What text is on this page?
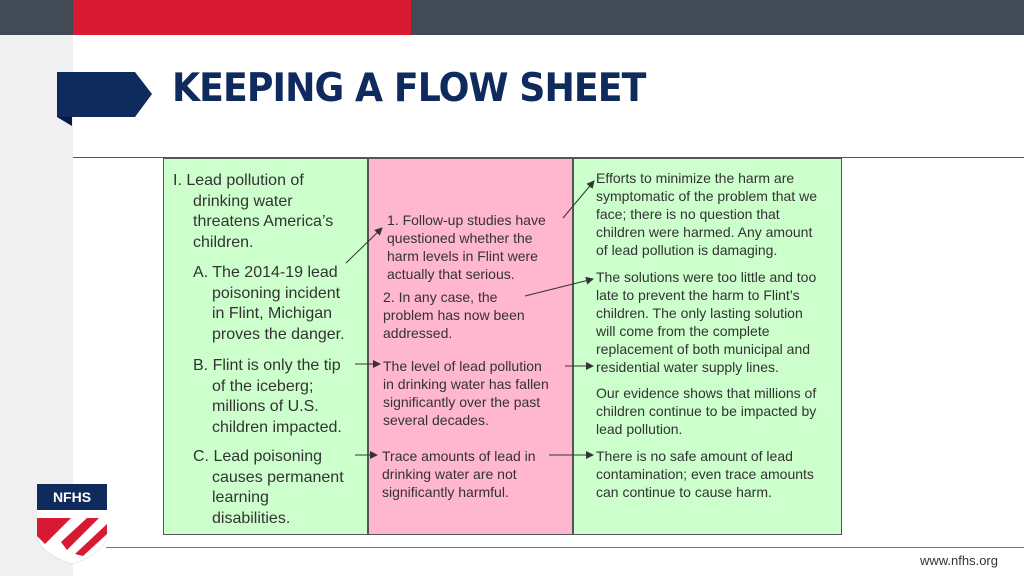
KEEPING A FLOW SHEET
I. Lead pollution of
drinking water
threatens America’s
children.
A. The 2014-19 lead
poisoning incident
in Flint, Michigan
proves the danger.
B. Flint is only the tip
of the iceberg;
millions of U.S.
children impacted.
C. Lead poisoning
causes permanent
learning
disabilities.
1. Follow-up studies have
questioned whether the
harm levels in Flint were
actually that serious.
2. In any case, the
problem has now been
addressed.
The level of lead pollution
in drinking water has fallen
significantly over the past
several decades.
Trace amounts of lead in
drinking water are not
significantly harmful.
Efforts to minimize the harm are
symptomatic of the problem that we
face; there is no question that
children were harmed. Any amount
of lead pollution is damaging.
The solutions were too little and too
late to prevent the harm to Flint’s
children. The only lasting solution
will come from the complete
replacement of both municipal and
residential water supply lines.
Our evidence shows that millions of
children continue to be impacted by
lead pollution.
There is no safe amount of lead
contamination; even trace amounts
can continue to cause harm.
NFHS
www.nfhs.org
